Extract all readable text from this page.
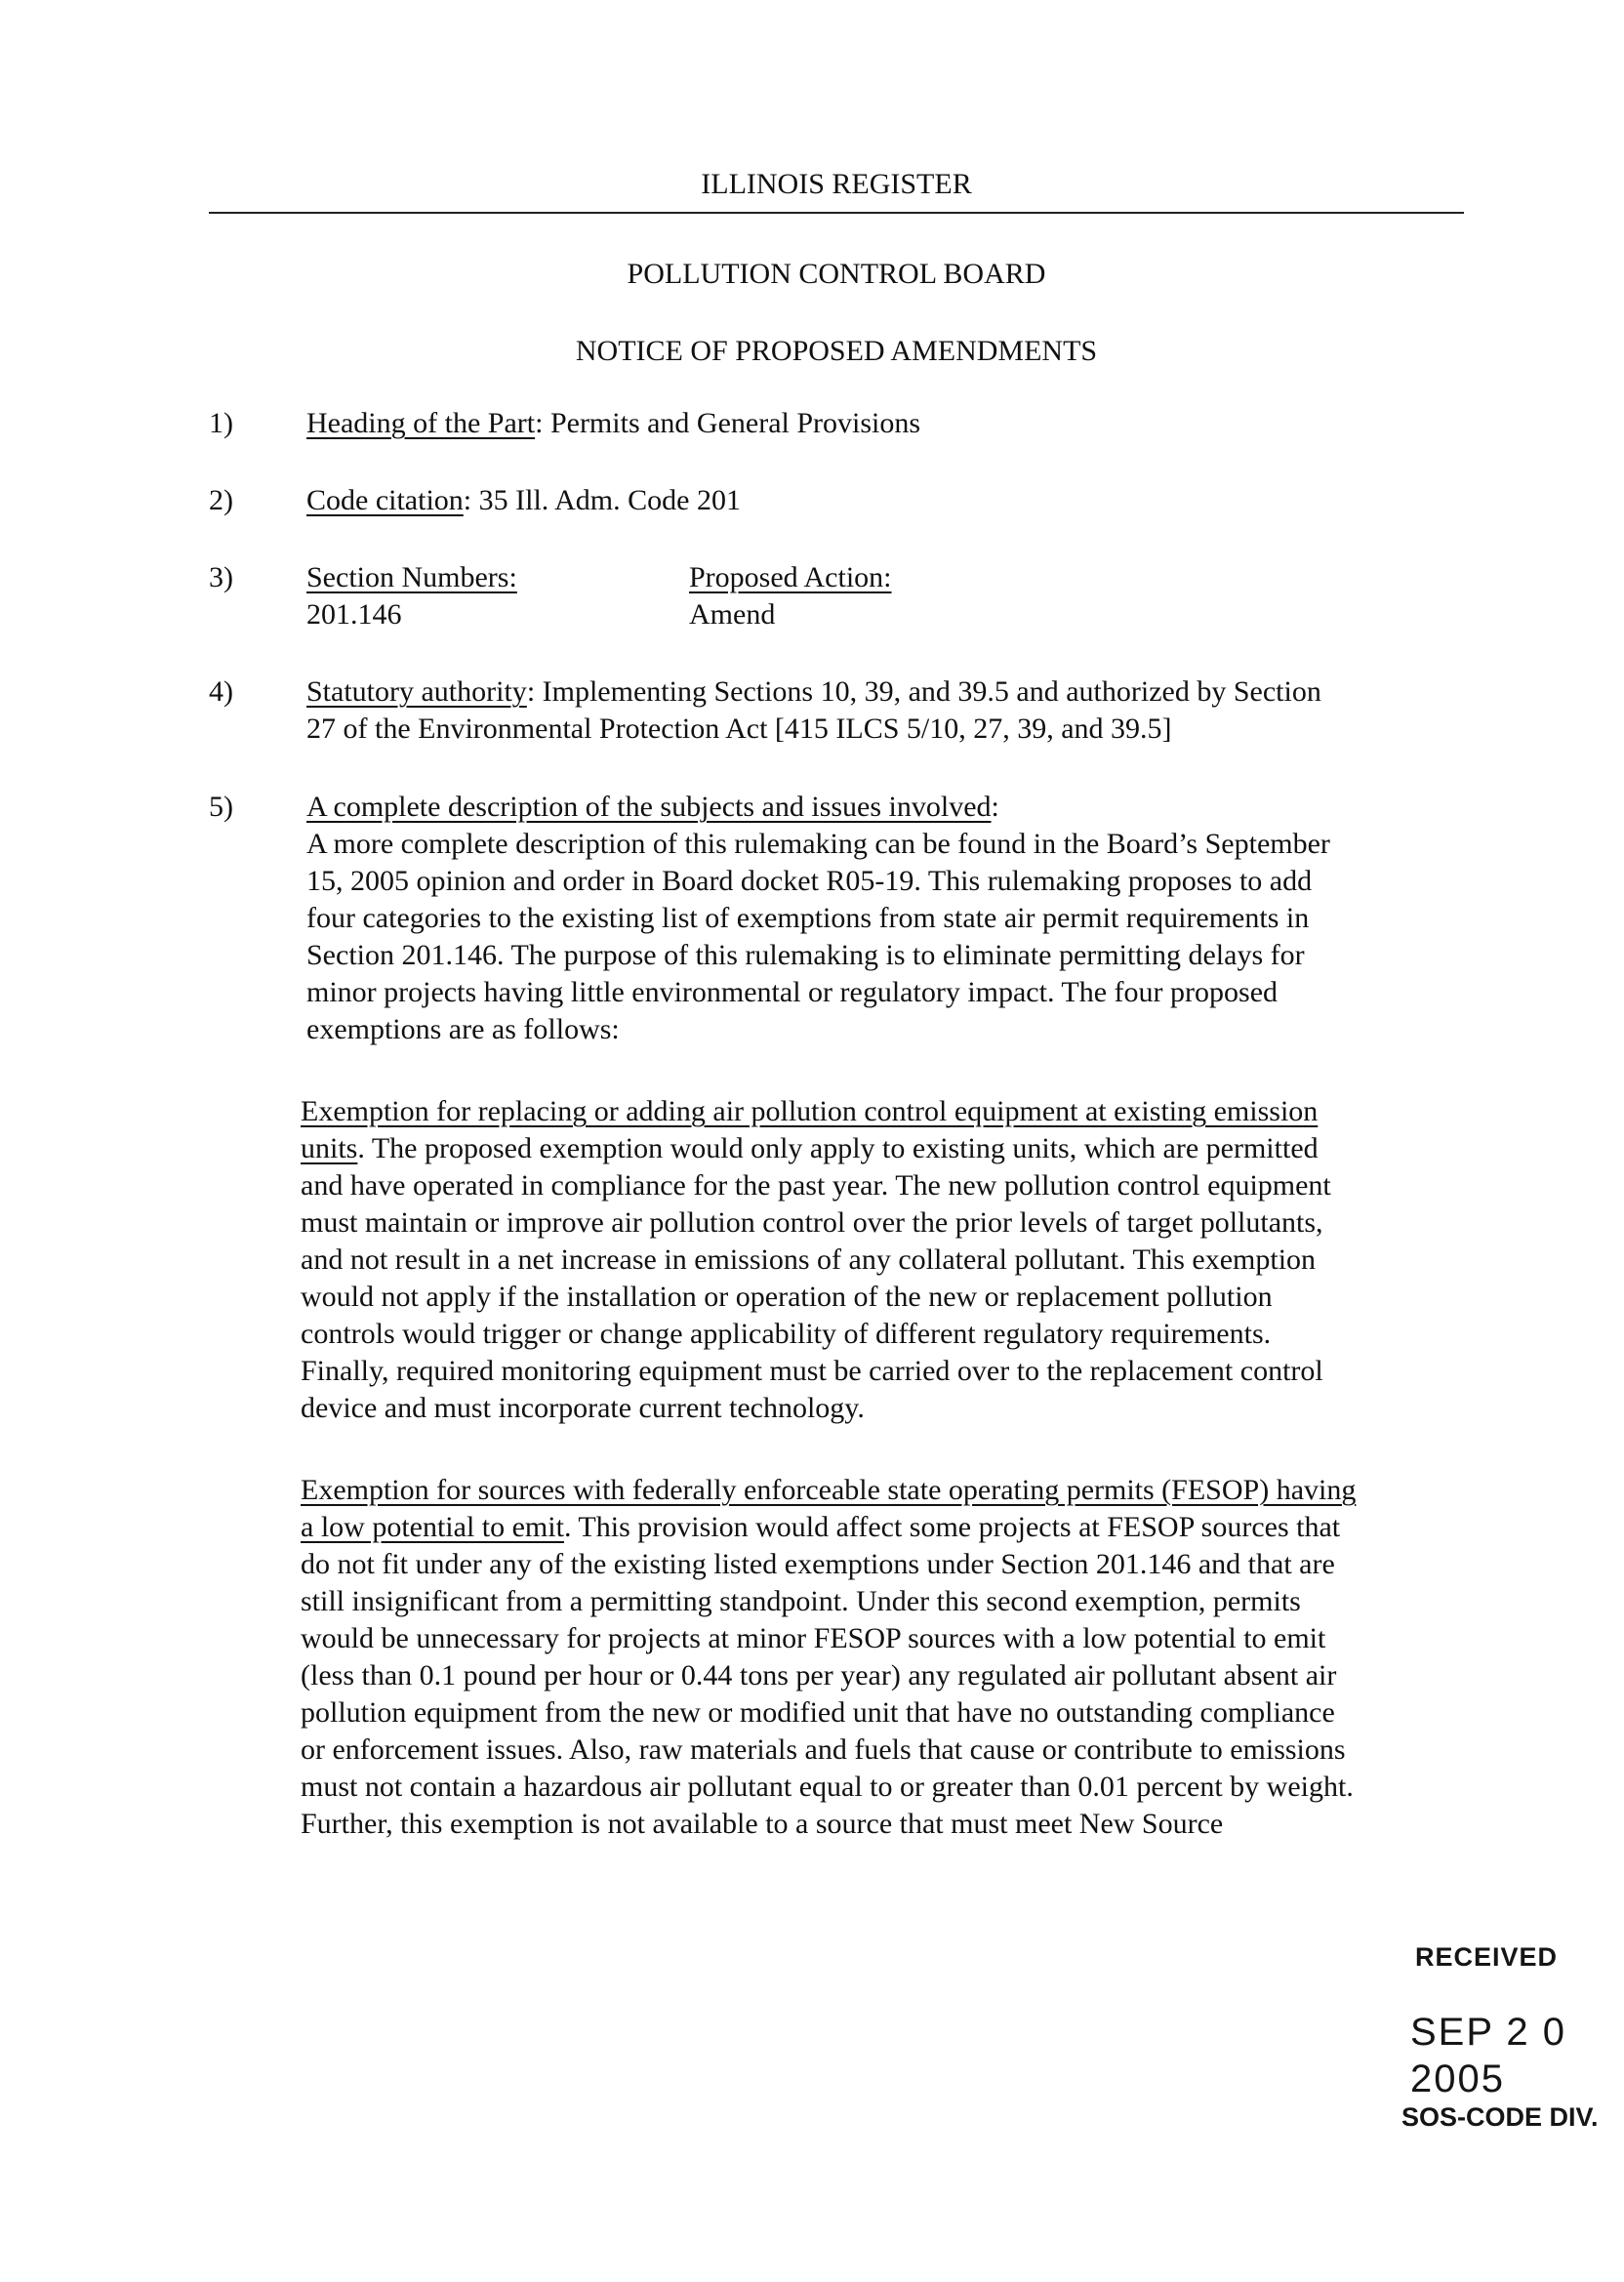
ILLINOIS REGISTER
POLLUTION CONTROL BOARD
NOTICE OF PROPOSED AMENDMENTS
1)	Heading of the Part: Permits and General Provisions
2)	Code citation: 35 Ill. Adm. Code 201
3)	Section Numbers:
201.146
Proposed Action:
Amend
4)	Statutory authority: Implementing Sections 10, 39, and 39.5 and authorized by Section
27 of the Environmental Protection Act [415 ILCS 5/10, 27, 39, and 39.5]
5)	A complete description of the subjects and issues involved:
A more complete description of this rulemaking can be found in the Board’s September
15, 2005 opinion and order in Board docket R05-19. This rulemaking proposes to add
four categories to the existing list of exemptions from state air permit requirements in
Section 201.146. The purpose of this rulemaking is to eliminate permitting delays for
minor projects having little environmental or regulatory impact. The four proposed
exemptions are as follows:
Exemption for replacing or adding air pollution control equipment at existing emission
units. The proposed exemption would only apply to existing units, which are permitted
and have operated in compliance for the past year. The new pollution control equipment
must maintain or improve air pollution control over the prior levels of target pollutants,
and not result in a net increase in emissions of any collateral pollutant. This exemption
would not apply if the installation or operation of the new or replacement pollution
controls would trigger or change applicability of different regulatory requirements.
Finally, required monitoring equipment must be carried over to the replacement control
device and must incorporate current technology.
Exemption for sources with federally enforceable state operating permits (FESOP) having
a low potential to emit. This provision would affect some projects at FESOP sources that
do not fit under any of the existing listed exemptions under Section 201.146 and that are
still insignificant from a permitting standpoint. Under this second exemption, permits
would be unnecessary for projects at minor FESOP sources with a low potential to emit
(less than 0.1 pound per hour or 0.44 tons per year) any regulated air pollutant absent air
pollution equipment from the new or modified unit that have no outstanding compliance
or enforcement issues. Also, raw materials and fuels that cause or contribute to emissions
must not contain a hazardous air pollutant equal to or greater than 0.01 percent by weight.
Further, this exemption is not available to a source that must meet New Source
RECEIVED
SEP 2 0 2005
SOS-CODE DIV.
